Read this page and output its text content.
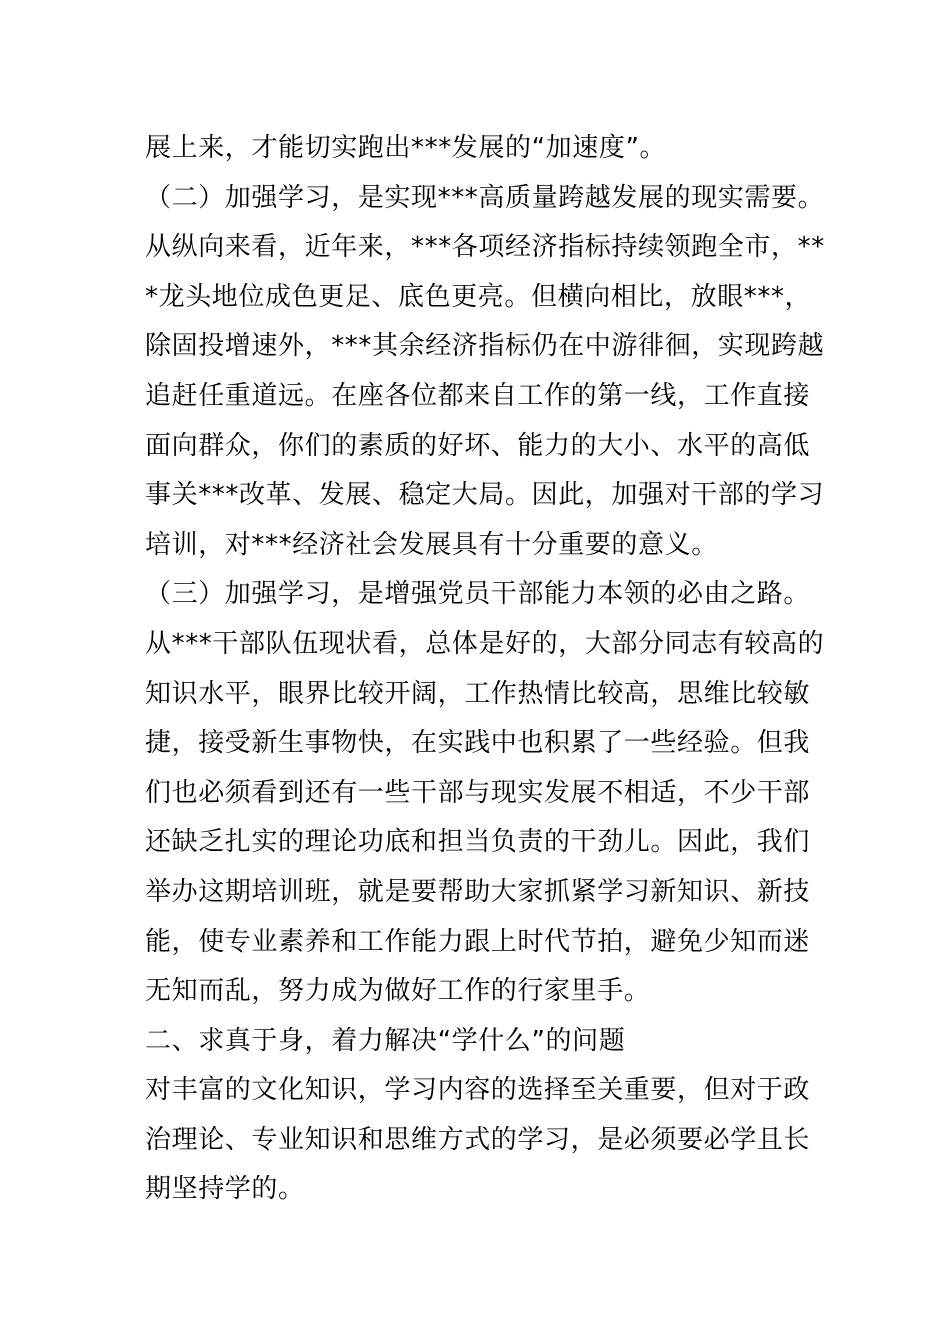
展上来，才能切实跑出***发展的“加速度”。
（二）加强学习，是实现***高质量跨越发展的现实需要。
从纵向来看，近年来，***各项经济指标持续领跑全市，**
*龙头地位成色更足、底色更亮。但横向相比，放眼***，
除固投增速外，***其余经济指标仍在中游徘徊，实现跨越
追赶任重道远。在座各位都来自工作的第一线，工作直接
面向群众，你们的素质的好坏、能力的大小、水平的高低
事关***改革、发展、稳定大局。因此，加强对干部的学习
培训，对***经济社会发展具有十分重要的意义。
（三）加强学习，是增强党员干部能力本领的必由之路。
从***干部队伍现状看，总体是好的，大部分同志有较高的
知识水平，眼界比较开阔，工作热情比较高，思维比较敏
捷，接受新生事物快，在实践中也积累了一些经验。但我
们也必须看到还有一些干部与现实发展不相适，不少干部
还缺乏扎实的理论功底和担当负责的干劲儿。因此，我们
举办这期培训班，就是要帮助大家抓紧学习新知识、新技
能，使专业素养和工作能力跟上时代节拍，避免少知而迷
无知而乱，努力成为做好工作的行家里手。
二、求真于身，着力解决“学什么”的问题
对丰富的文化知识，学习内容的选择至关重要，但对于政
治理论、专业知识和思维方式的学习，是必须要必学且长
期坚持学的。
